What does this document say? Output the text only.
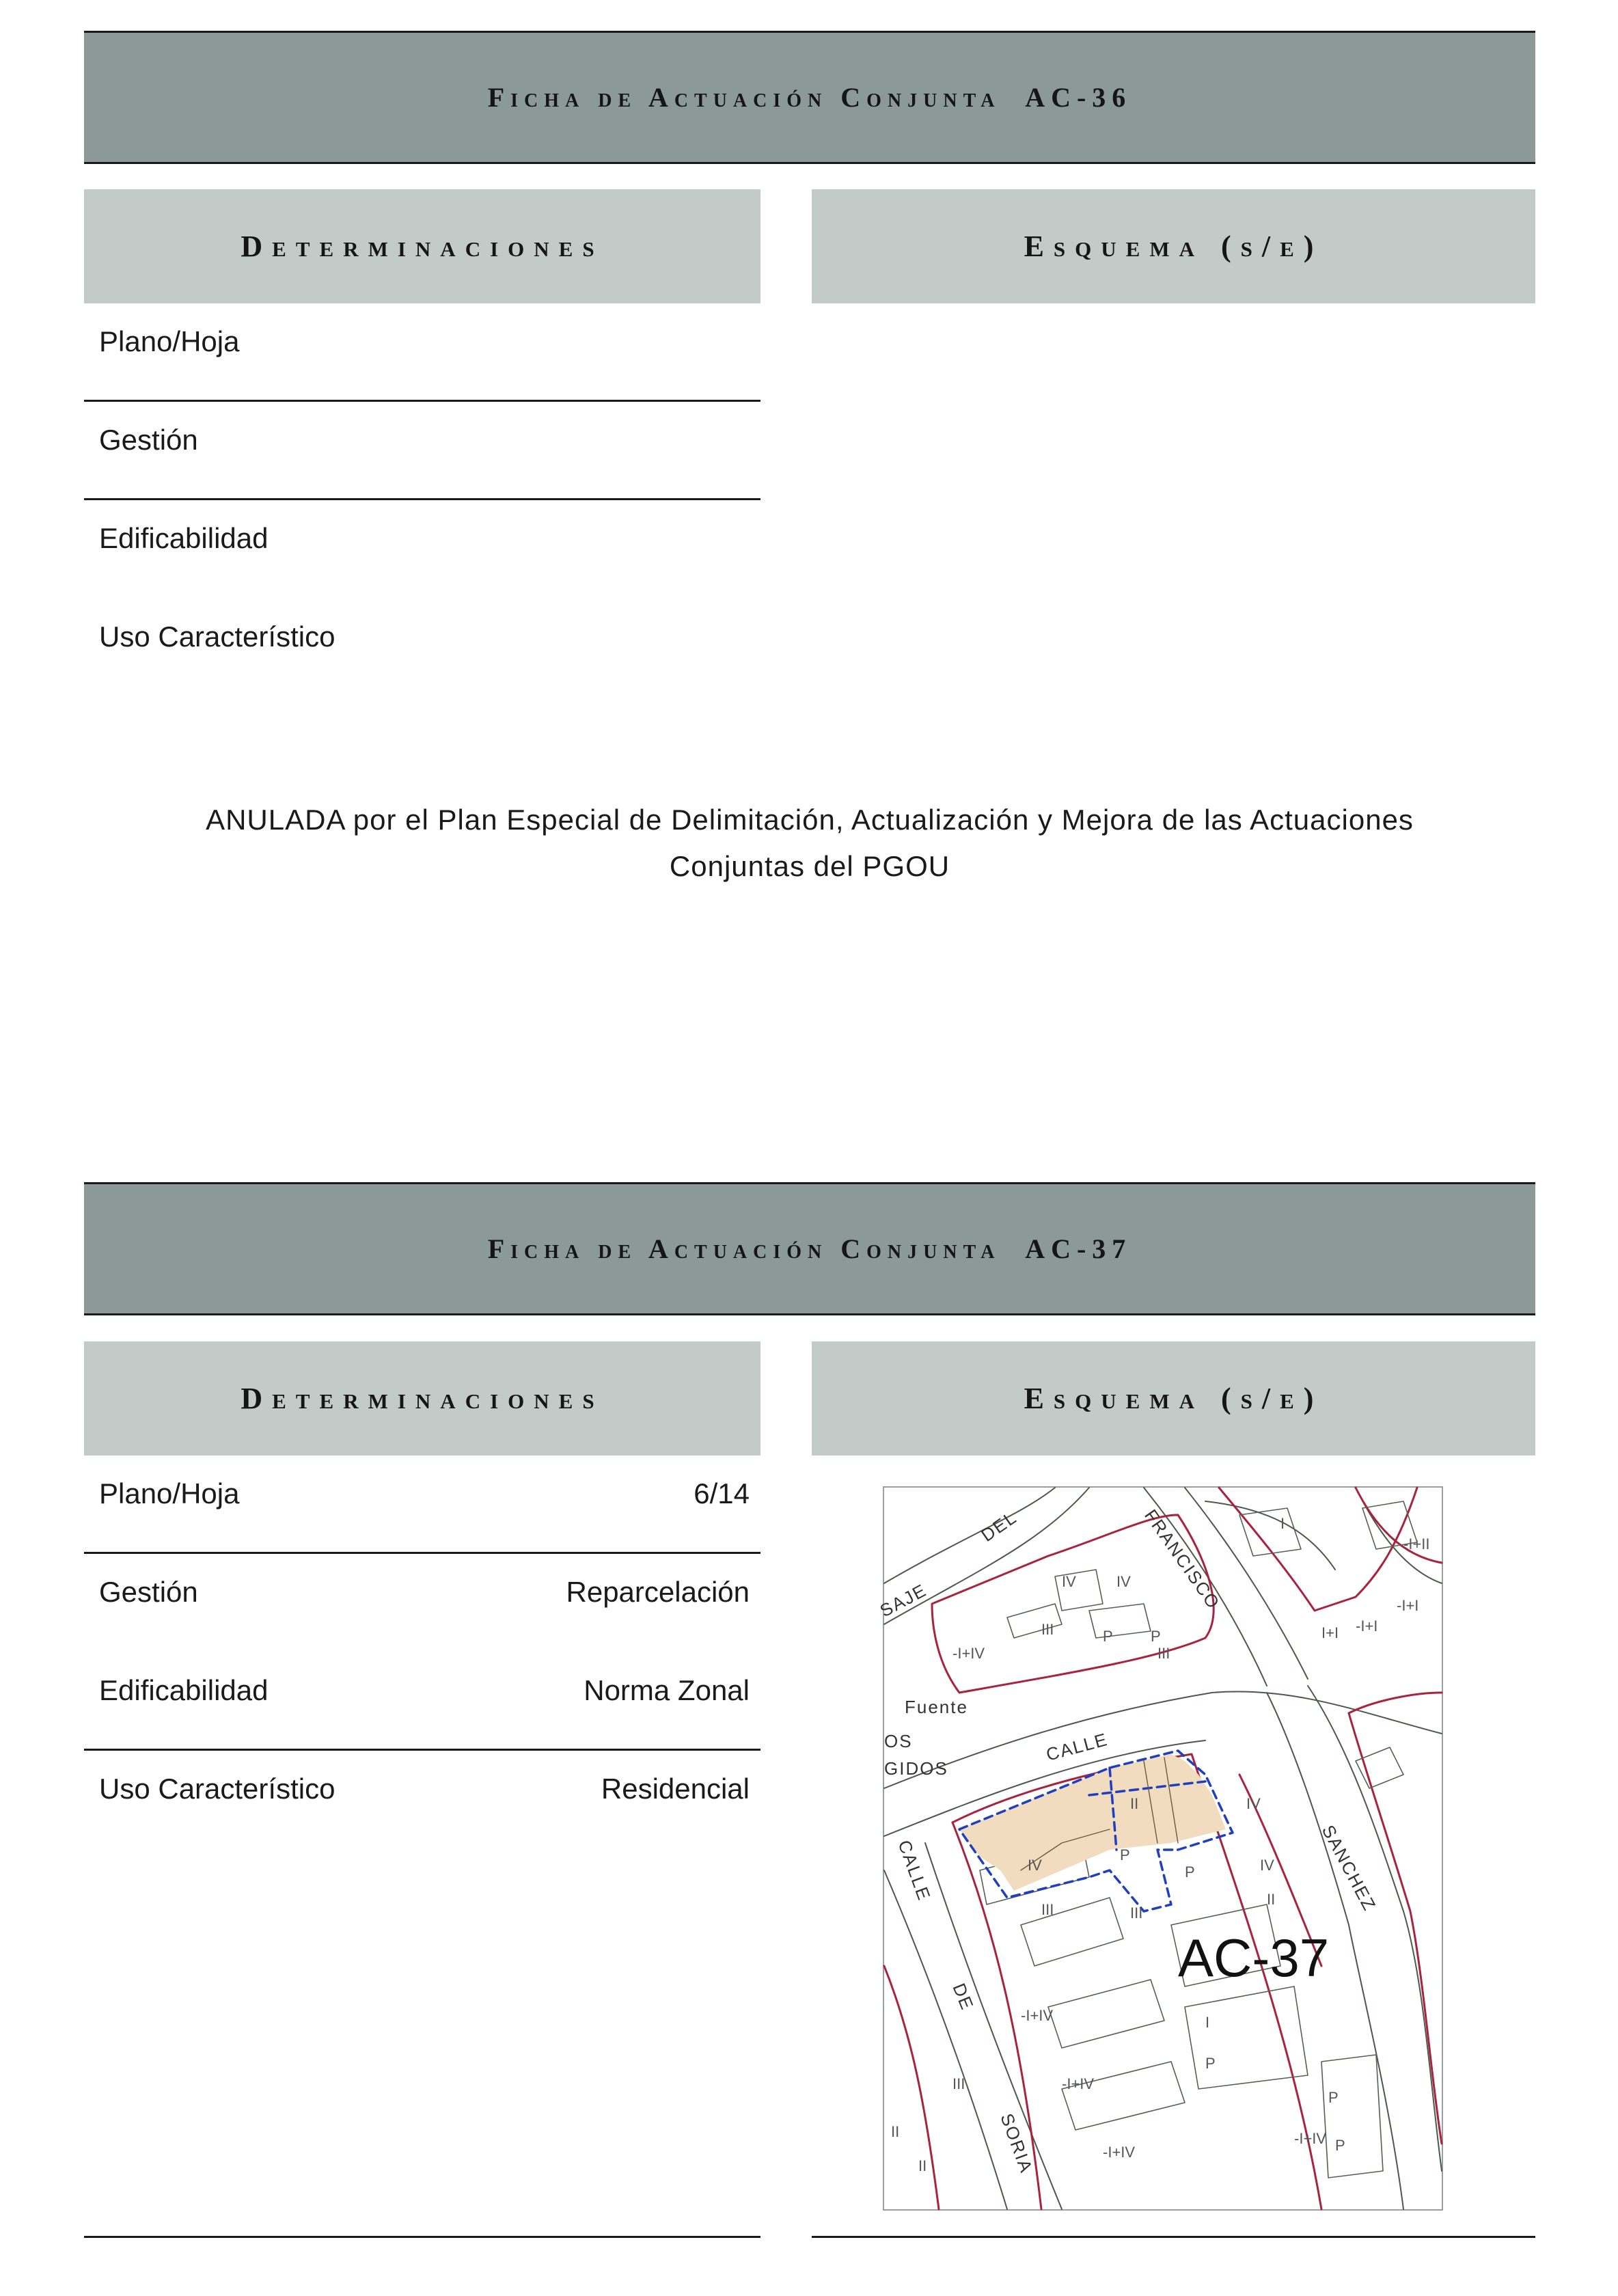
Ficha de Actuación Conjunta  AC-36
Determinaciones	Esquema (s/e)
Plano/Hoja
Gestión
Edificabilidad
Uso Característico
ANULADA por el Plan Especial de Delimitación, Actualización y Mejora de las Actuaciones
Conjuntas del PGOU
Ficha de Actuación Conjunta  AC-37
Determinaciones	Esquema (s/e)
Plano/Hoja	6/14
Gestión	Reparcelación
Edificabilidad	Norma Zonal
Uso Característico	Residencial
I
-I+II
-I+I
IV	IV
III	P	P
-I+IV	III
II	IV
IV
P
III	III
IV
P
II
-I+IV
-I+IV
-I+IV
I
P
-I+IV
I+I
P
P
II
II
III
-I+I
SAJE
DEL	FRANCISCO
CALLE
CALLE
DE
SORIA
SANCHEZ
OS
GIDOS
Fuente
AC-37
